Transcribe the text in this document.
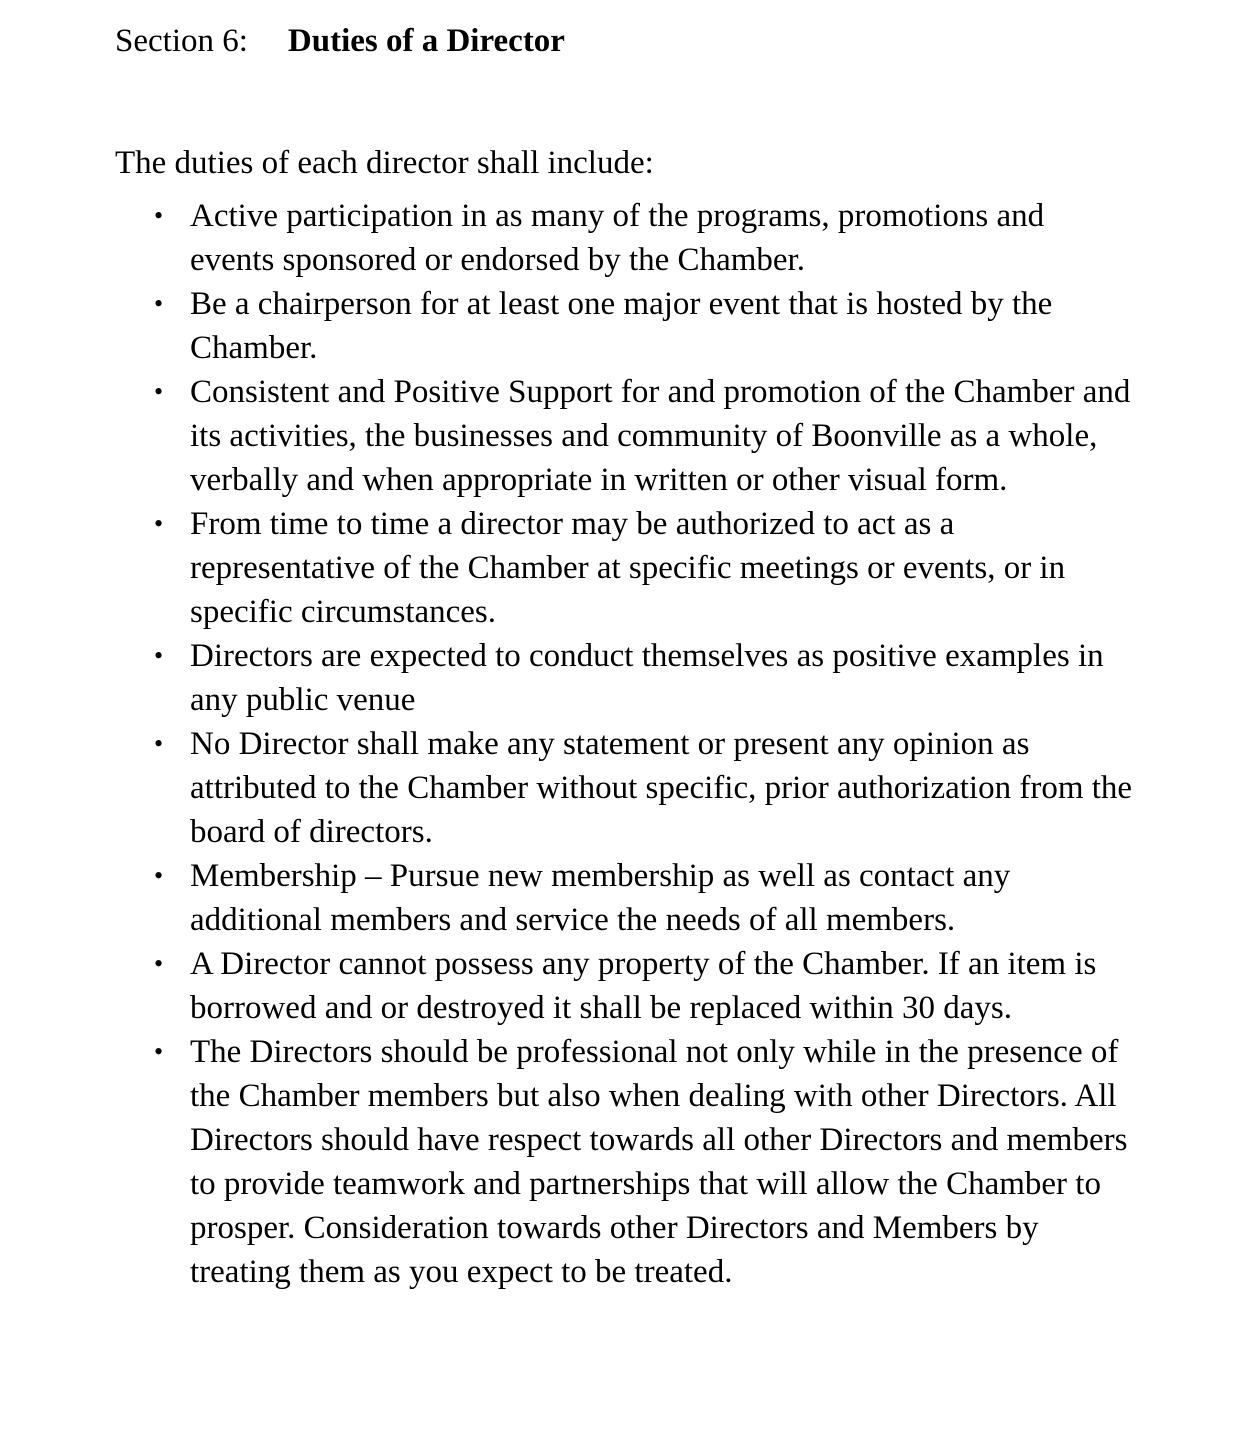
Section 6: Duties of a Director

The duties of each director shall include:

• Active participation in as many of the programs, promotions and events sponsored or endorsed by the Chamber.
• Be a chairperson for at least one major event that is hosted by the Chamber.
• Consistent and Positive Support for and promotion of the Chamber and its activities, the businesses and community of Boonville as a whole, verbally and when appropriate in written or other visual form.
• From time to time a director may be authorized to act as a representative of the Chamber at specific meetings or events, or in specific circumstances.
• Directors are expected to conduct themselves as positive examples in any public venue
• No Director shall make any statement or present any opinion as attributed to the Chamber without specific, prior authorization from the board of directors.
• Membership – Pursue new membership as well as contact any additional members and service the needs of all members.
• A Director cannot possess any property of the Chamber. If an item is borrowed and or destroyed it shall be replaced within 30 days.
• The Directors should be professional not only while in the presence of the Chamber members but also when dealing with other Directors. All Directors should have respect towards all other Directors and members to provide teamwork and partnerships that will allow the Chamber to prosper. Consideration towards other Directors and Members by treating them as you expect to be treated.
